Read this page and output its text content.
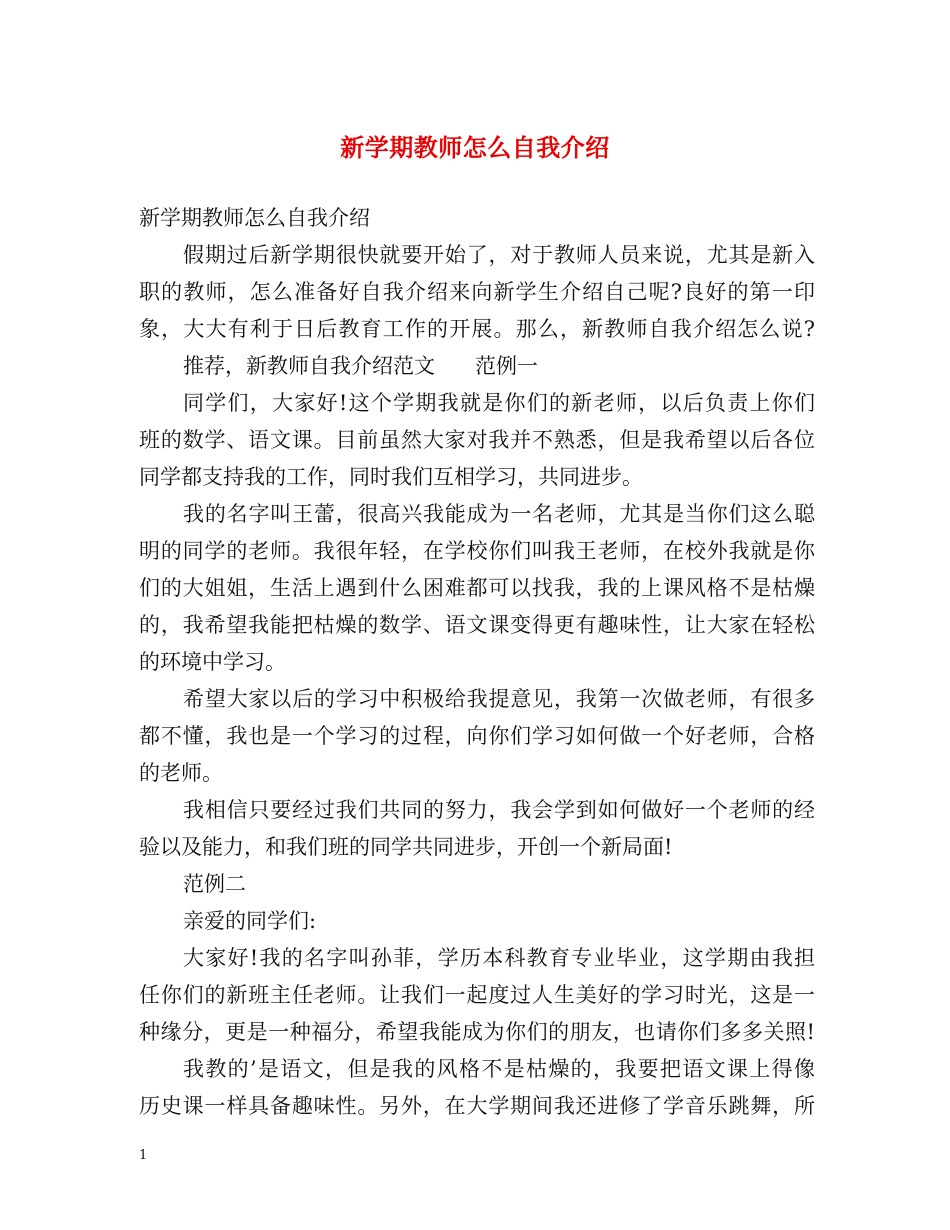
新学期教师怎么自我介绍
新学期教师怎么自我介绍
假期过后新学期很快就要开始了，对于教师人员来说，尤其是新入
职的教师，怎么准备好自我介绍来向新学生介绍自己呢?良好的第一印
象，大大有利于日后教育工作的开展。那么，新教师自我介绍怎么说?
推荐，新教师自我介绍范文 范例一
同学们，大家好!这个学期我就是你们的新老师，以后负责上你们
班的数学、语文课。目前虽然大家对我并不熟悉，但是我希望以后各位
同学都支持我的工作，同时我们互相学习，共同进步。
我的名字叫王蕾，很高兴我能成为一名老师，尤其是当你们这么聪
明的同学的老师。我很年轻，在学校你们叫我王老师，在校外我就是你
们的大姐姐，生活上遇到什么困难都可以找我，我的上课风格不是枯燥
的，我希望我能把枯燥的数学、语文课变得更有趣味性，让大家在轻松
的环境中学习。
希望大家以后的学习中积极给我提意见，我第一次做老师，有很多
都不懂，我也是一个学习的过程，向你们学习如何做一个好老师，合格
的老师。
我相信只要经过我们共同的努力，我会学到如何做好一个老师的经
验以及能力，和我们班的同学共同进步，开创一个新局面!
范例二
亲爱的同学们:
大家好!我的名字叫孙菲，学历本科教育专业毕业，这学期由我担
任你们的新班主任老师。让我们一起度过人生美好的学习时光，这是一
种缘分，更是一种福分，希望我能成为你们的朋友，也请你们多多关照!
我教的’是语文，但是我的风格不是枯燥的，我要把语文课上得像
历史课一样具备趣味性。另外，在大学期间我还进修了学音乐跳舞，所
1
